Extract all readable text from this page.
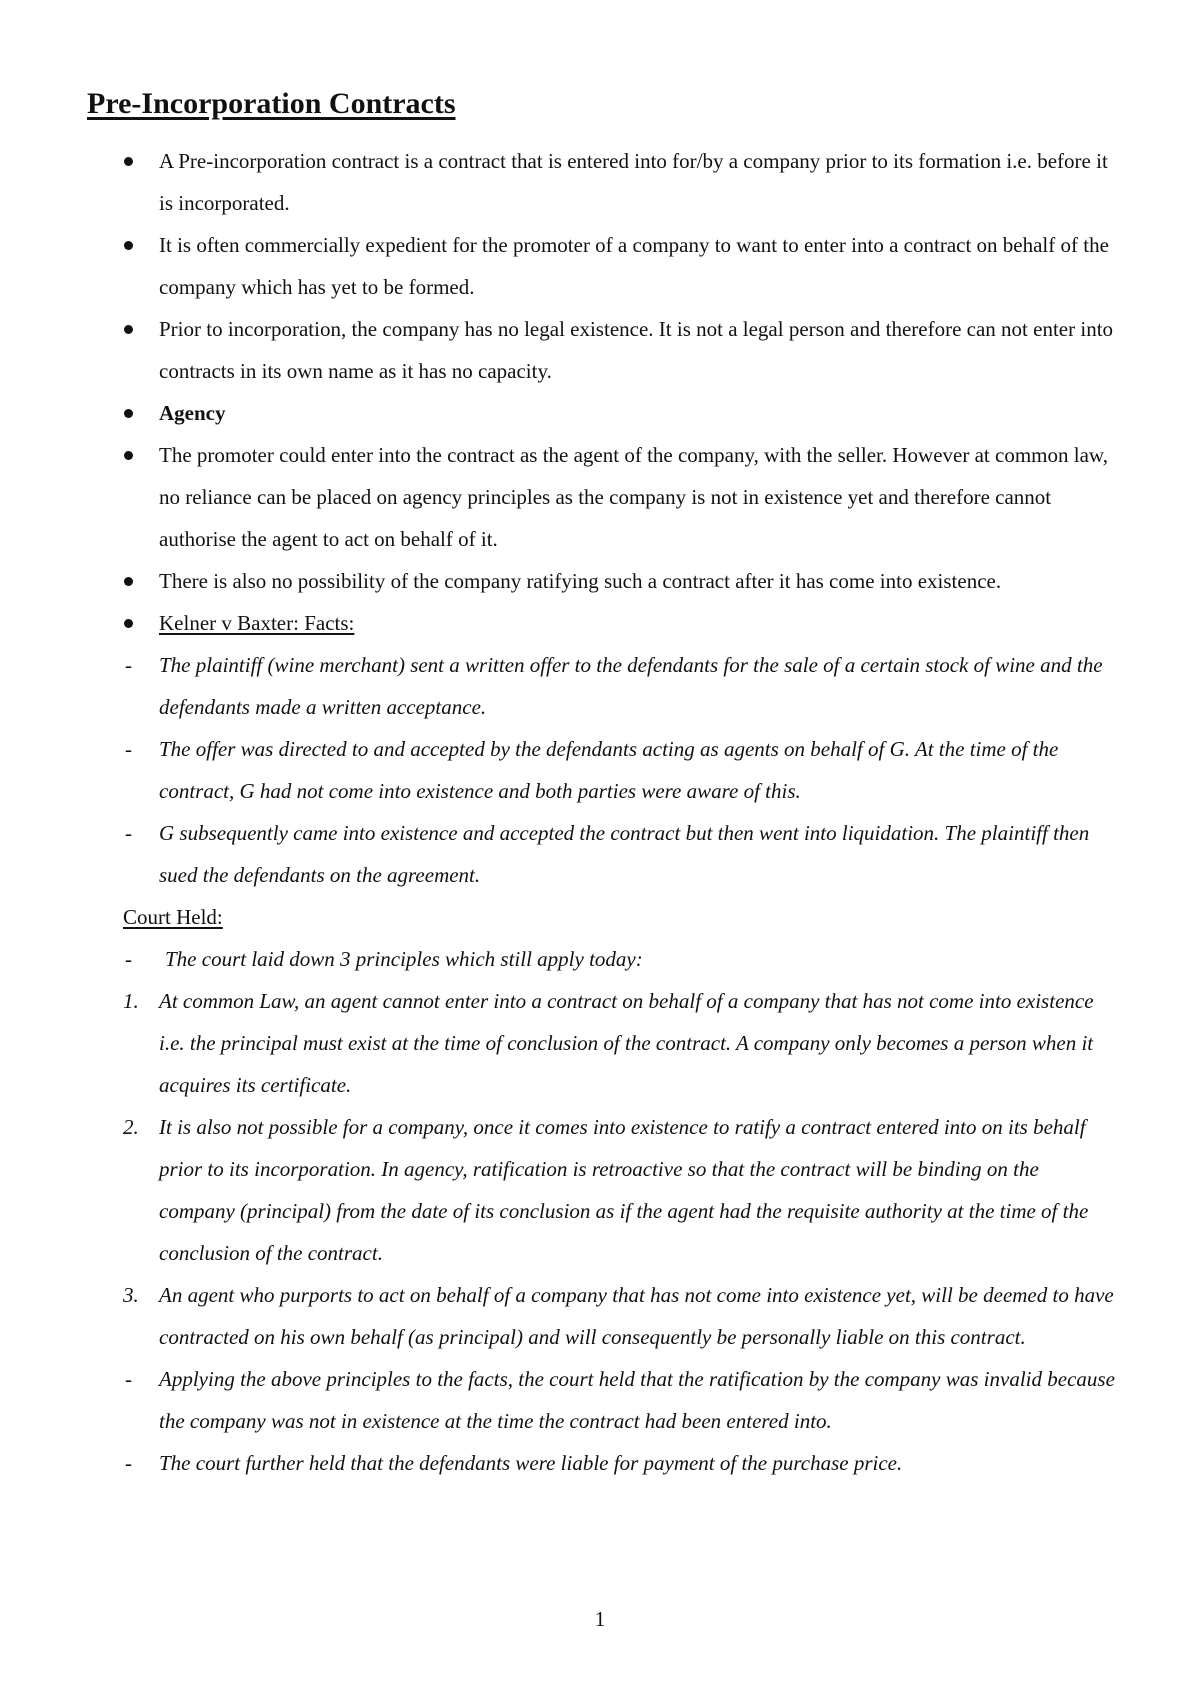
Pre-Incorporation Contracts
A Pre-incorporation contract is a contract that is entered into for/by a company prior to its formation i.e. before it is incorporated.
It is often commercially expedient for the promoter of a company to want to enter into a contract on behalf of the company which has yet to be formed.
Prior to incorporation, the company has no legal existence. It is not a legal person and therefore can not enter into contracts in its own name as it has no capacity.
Agency
The promoter could enter into the contract as the agent of the company, with the seller. However at common law, no reliance can be placed on agency principles as the company is not in existence yet and therefore cannot authorise the agent to act on behalf of it.
There is also no possibility of the company ratifying such a contract after it has come into existence.
Kelner v Baxter: Facts:
-	The plaintiff (wine merchant) sent a written offer to the defendants for the sale of a certain stock of wine and the defendants made a written acceptance.
-	The offer was directed to and accepted by the defendants acting as agents on behalf of G. At the time of the contract, G had not come into existence and both parties were aware of this.
-	G subsequently came into existence and accepted the contract but then went into liquidation. The plaintiff then sued the defendants on the agreement.
Court Held:
-	The court laid down 3 principles which still apply today:
1. At common Law, an agent cannot enter into a contract on behalf of a company that has not come into existence i.e. the principal must exist at the time of conclusion of the contract. A company only becomes a person when it acquires its certificate.
2. It is also not possible for a company, once it comes into existence to ratify a contract entered into on its behalf prior to its incorporation. In agency, ratification is retroactive so that the contract will be binding on the company (principal) from the date of its conclusion as if the agent had the requisite authority at the time of the conclusion of the contract.
3. An agent who purports to act on behalf of a company that has not come into existence yet, will be deemed to have contracted on his own behalf (as principal) and will consequently be personally liable on this contract.
-	Applying the above principles to the facts, the court held that the ratification by the company was invalid because the company was not in existence at the time the contract had been entered into.
-	The court further held that the defendants were liable for payment of the purchase price.
1
